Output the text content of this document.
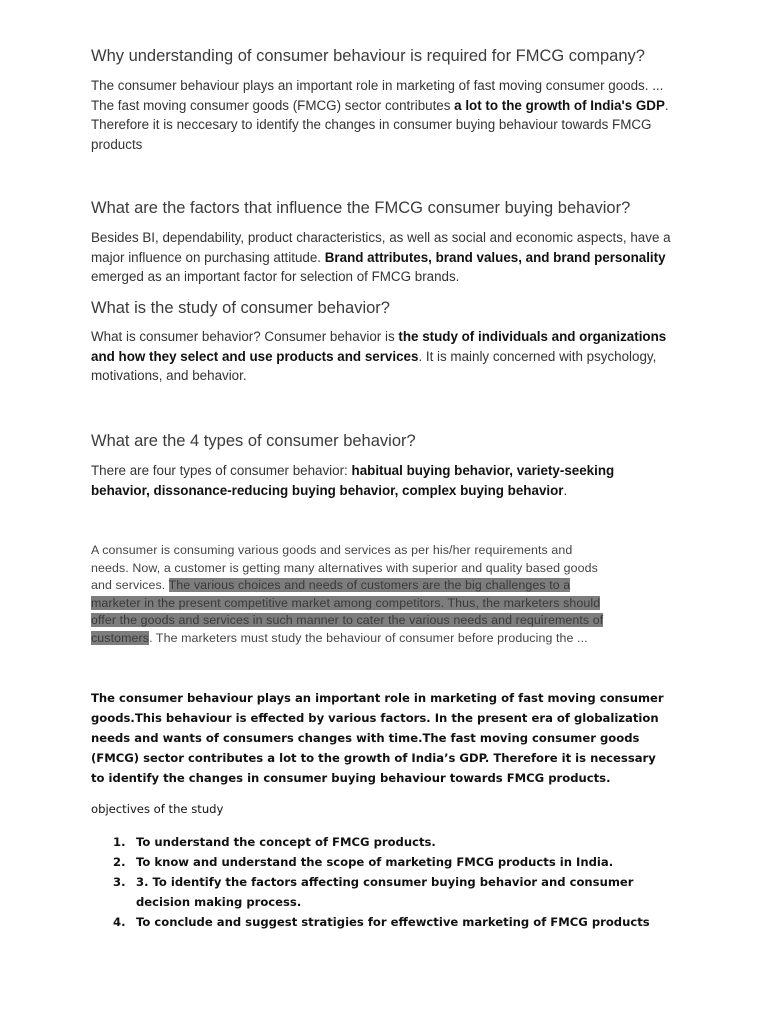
Why understanding of consumer behaviour is required for FMCG company?

The consumer behaviour plays an important role in marketing of fast moving consumer goods. ... The fast moving consumer goods (FMCG) sector contributes a lot to the growth of India's GDP. Therefore it is neccesary to identify the changes in consumer buying behaviour towards FMCG products

What are the factors that influence the FMCG consumer buying behavior?

Besides BI, dependability, product characteristics, as well as social and economic aspects, have a major influence on purchasing attitude. Brand attributes, brand values, and brand personality emerged as an important factor for selection of FMCG brands.

What is the study of consumer behavior?

What is consumer behavior? Consumer behavior is the study of individuals and organizations and how they select and use products and services. It is mainly concerned with psychology, motivations, and behavior.

What are the 4 types of consumer behavior?

There are four types of consumer behavior: habitual buying behavior, variety-seeking behavior, dissonance-reducing buying behavior, complex buying behavior.

A consumer is consuming various goods and services as per his/her requirements and needs. Now, a customer is getting many alternatives with superior and quality based goods and services. The various choices and needs of customers are the big challenges to a marketer in the present competitive market among competitors. Thus, the marketers should offer the goods and services in such manner to cater the various needs and requirements of customers. The marketers must study the behaviour of consumer before producing the ...

The consumer behaviour plays an important role in marketing of fast moving consumer goods.This behaviour is effected by various factors. In the present era of globalization needs and wants of consumers changes with time.The fast moving consumer goods (FMCG) sector contributes a lot to the growth of India’s GDP. Therefore it is necessary to identify the changes in consumer buying behaviour towards FMCG products.

objectives of the study

1. To understand the concept of FMCG products.
2. To know and understand the scope of marketing FMCG products in India.
3. 3. To identify the factors affecting consumer buying behavior and consumer decision making process.
4. To conclude and suggest stratigies for effewctive marketing of FMCG products
